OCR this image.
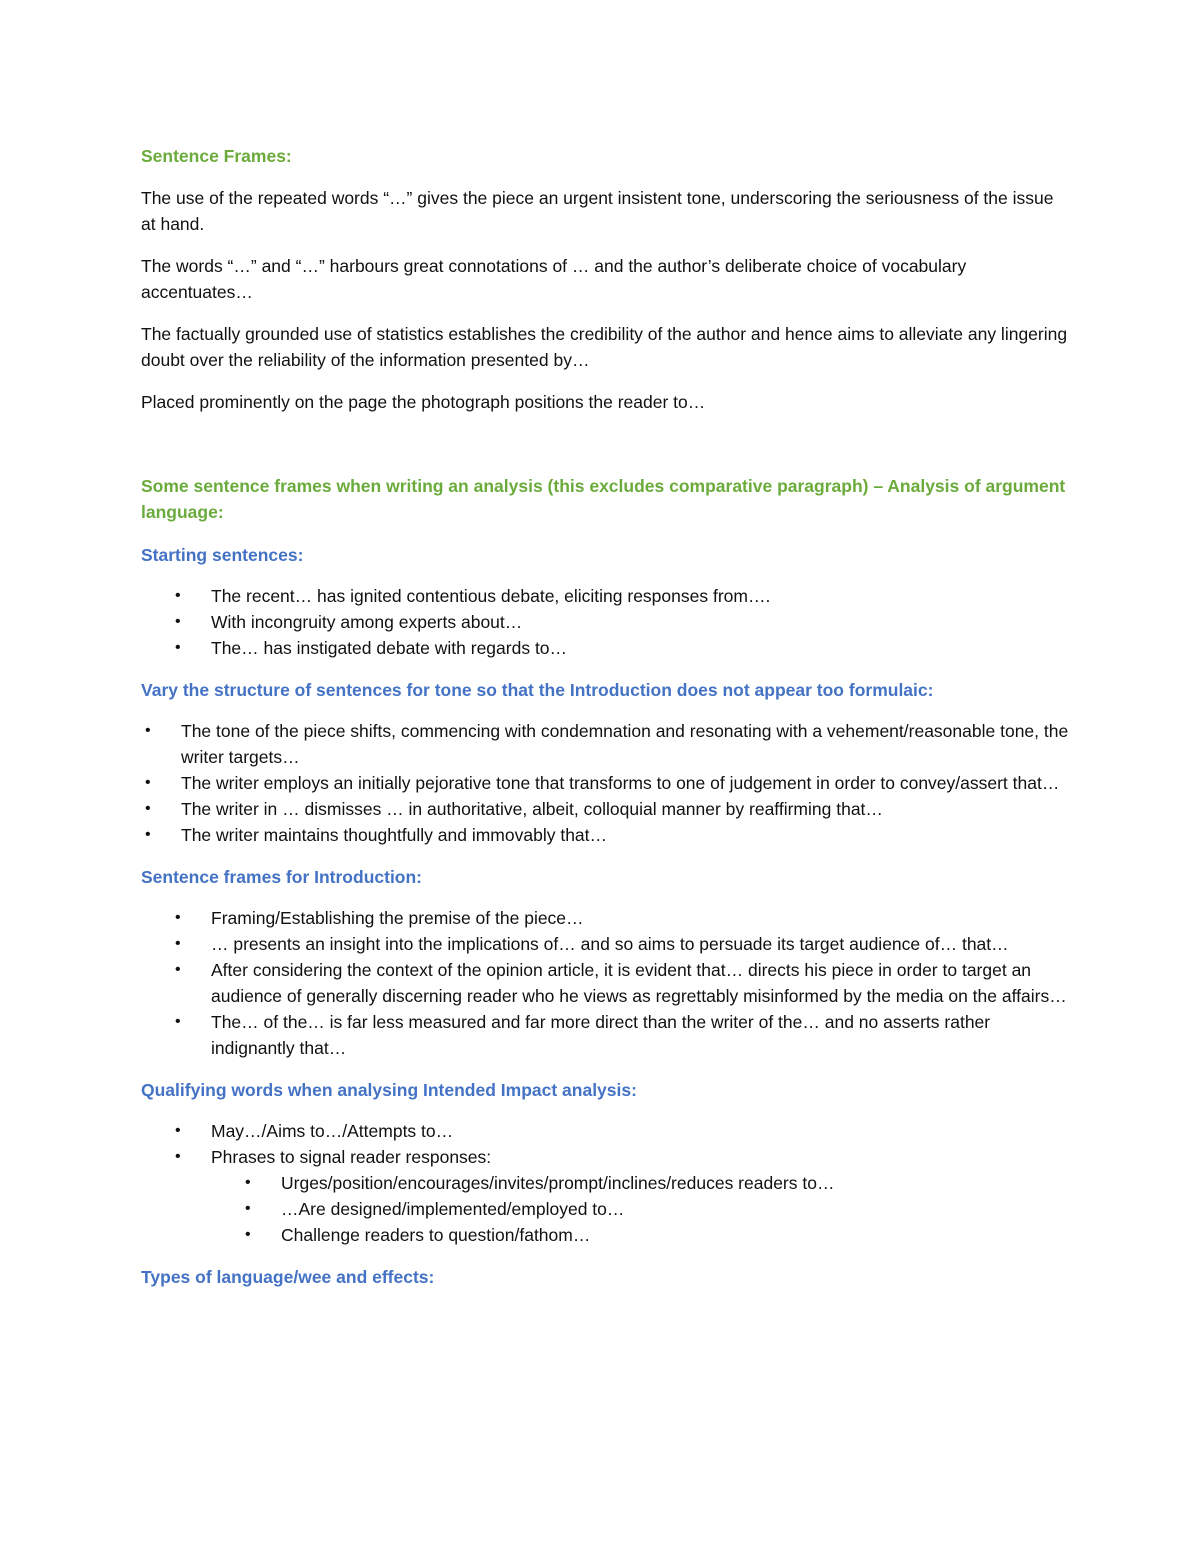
Sentence Frames:

The use of the repeated words “…” gives the piece an urgent insistent tone, underscoring the seriousness of the issue at hand.

The words “…” and “…” harbours great connotations of … and the author’s deliberate choice of vocabulary accentuates…

The factually grounded use of statistics establishes the credibility of the author and hence aims to alleviate any lingering doubt over the reliability of the information presented by…

Placed prominently on the page the photograph positions the reader to…

Some sentence frames when writing an analysis (this excludes comparative paragraph) – Analysis of argument language:
Starting sentences:
• The recent… has ignited contentious debate, eliciting responses from….
• With incongruity among experts about…
• The… has instigated debate with regards to…
Vary the structure of sentences for tone so that the Introduction does not appear too formulaic:
• The tone of the piece shifts, commencing with condemnation and resonating with a vehement/reasonable tone, the writer targets…
• The writer employs an initially pejorative tone that transforms to one of judgement in order to convey/assert that…
• The writer in … dismisses … in authoritative, albeit, colloquial manner by reaffirming that…
• The writer maintains thoughtfully and immovably that…
Sentence frames for Introduction:
• Framing/Establishing the premise of the piece…
• … presents an insight into the implications of… and so aims to persuade its target audience of… that…
• After considering the context of the opinion article, it is evident that… directs his piece in order to target an audience of generally discerning reader who he views as regrettably misinformed by the media on the affairs…
• The… of the… is far less measured and far more direct than the writer of the… and no asserts rather indignantly that…
Qualifying words when analysing Intended Impact analysis:
• May…/Aims to…/Attempts to…
• Phrases to signal reader responses:
• Urges/position/encourages/invites/prompt/inclines/reduces readers to…
• …Are designed/implemented/employed to…
• Challenge readers to question/fathom…
Types of language/wee and effects:
